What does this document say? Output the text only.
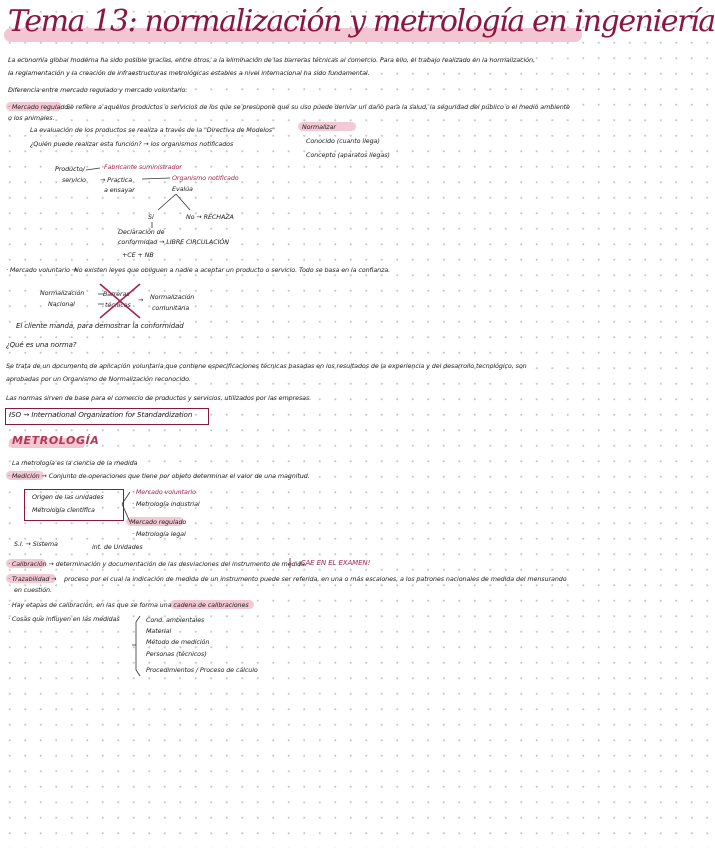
Tema 13: normalización y metrología en ingeniería
La economía global moderna ha sido posible gracias, entre otros, a la eliminación de las barreras técnicas al comercio. Para ello, el trabajo realizado en la normalización,
la reglamentación y la creación de infraestructuras metrológicas estables a nivel internacional ha sido fundamental.
Diferencia entre mercado regulado y mercado voluntario:
· Mercado regulado:
Se refiere a aquellos productos o servicios de los que se presupone que su uso puede derivar un daño para la salud, la seguridad del público o el medio ambiente
o los animales.
La evaluación de los productos se realiza a través de la "Directiva de Modelos"
¿Quién puede realizar esta función? → los organismos notificados
Normalizar
Conocido (cuanto llega)
Concepto (aparatos llegas)
Producto/
servicio
Fabricante suministrador
→ Practica
a ensayar
Organismo notificado
Evalúa
Sí	No → RECHAZA
Declaración de
conformidad → LIBRE CIRCULACIÓN
+CE + NB
· Mercado voluntario →
No existen leyes que obliguen a nadie a aceptar un producto o servicio. Todo se basa en la confianza.
Normalización
Nacional
Barreras
técnicas
→ Normalización
comunitaria
El cliente manda, para demostrar la conformidad
¿Qué es una norma?
Se trata de un documento de aplicación voluntaria que contiene especificaciones técnicas basadas en los resultados de la experiencia y del desarrollo tecnológico, son
aprobadas por un Organismo de Normalización reconocido.
Las normas sirven de base para el comercio de productos y servicios, utilizados por las empresas.
ISO → International Organization for Standardization
METROLOGÍA
La metrología es la ciencia de la medida
· Medición → Conjunto de operaciones que tiene por objeto determinar el valor de una magnitud.
Origen de las unidades
Metrología científica
· Mercado voluntario
· Metrología industrial
Mercado regulado
· Metrología legal
S.I. → Sistema	int. de Unidades
· Calibración → determinación y documentación de las desviaciones del instrumento de medida.
¡CAE EN EL EXAMEN!
· Trazabilidad → proceso por el cual la indicación de medida de un instrumento puede ser referida, en una o más escalones, a los patrones nacionales de medida del mensurando
en cuestión.
· Hay etapas de calibración, en las que se forma una cadena de calibraciones
· Cosas que influyen en las medidas	Cond. ambientales
Material
Método de medición
Personas (técnicos)
Procedimientos / Proceso de cálculo
